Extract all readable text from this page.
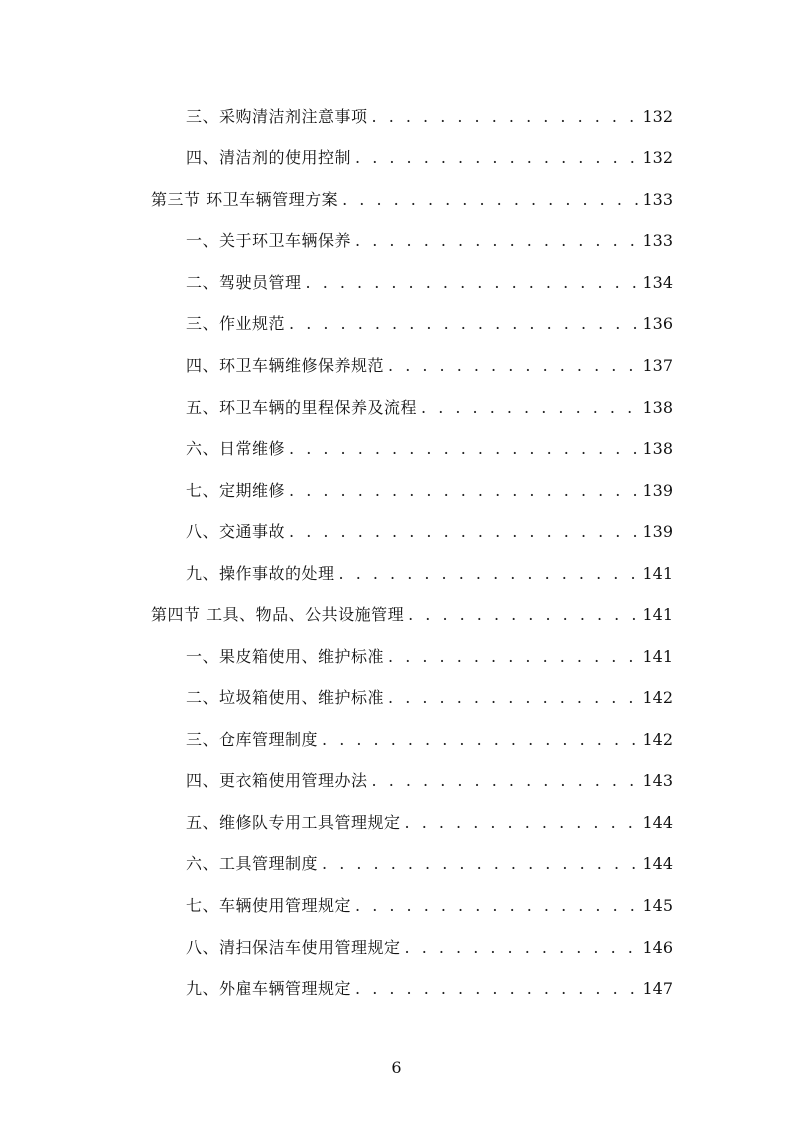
三、采购清洁剂注意事项 . . .	132
四、清洁剂的使用控制 . . .	132
第三节 环卫车辆管理方案 . . .	133
一、关于环卫车辆保养 . . .	133
二、驾驶员管理 . . .	134
三、作业规范 . . .	136
四、环卫车辆维修保养规范 . . .	137
五、环卫车辆的里程保养及流程 . . .	138
六、日常维修 . . .	138
七、定期维修 . . .	139
八、交通事故 . . .	139
九、操作事故的处理 . . .	141
第四节 工具、物品、公共设施管理 . . .	141
一、果皮箱使用、维护标准 . . .	141
二、垃圾箱使用、维护标准 . . .	142
三、仓库管理制度 . . .	142
四、更衣箱使用管理办法 . . .	143
五、维修队专用工具管理规定 . . .	144
六、工具管理制度 . . .	144
七、车辆使用管理规定 . . .	145
八、清扫保洁车使用管理规定 . . .	146
九、外雇车辆管理规定 . . .	147
6
